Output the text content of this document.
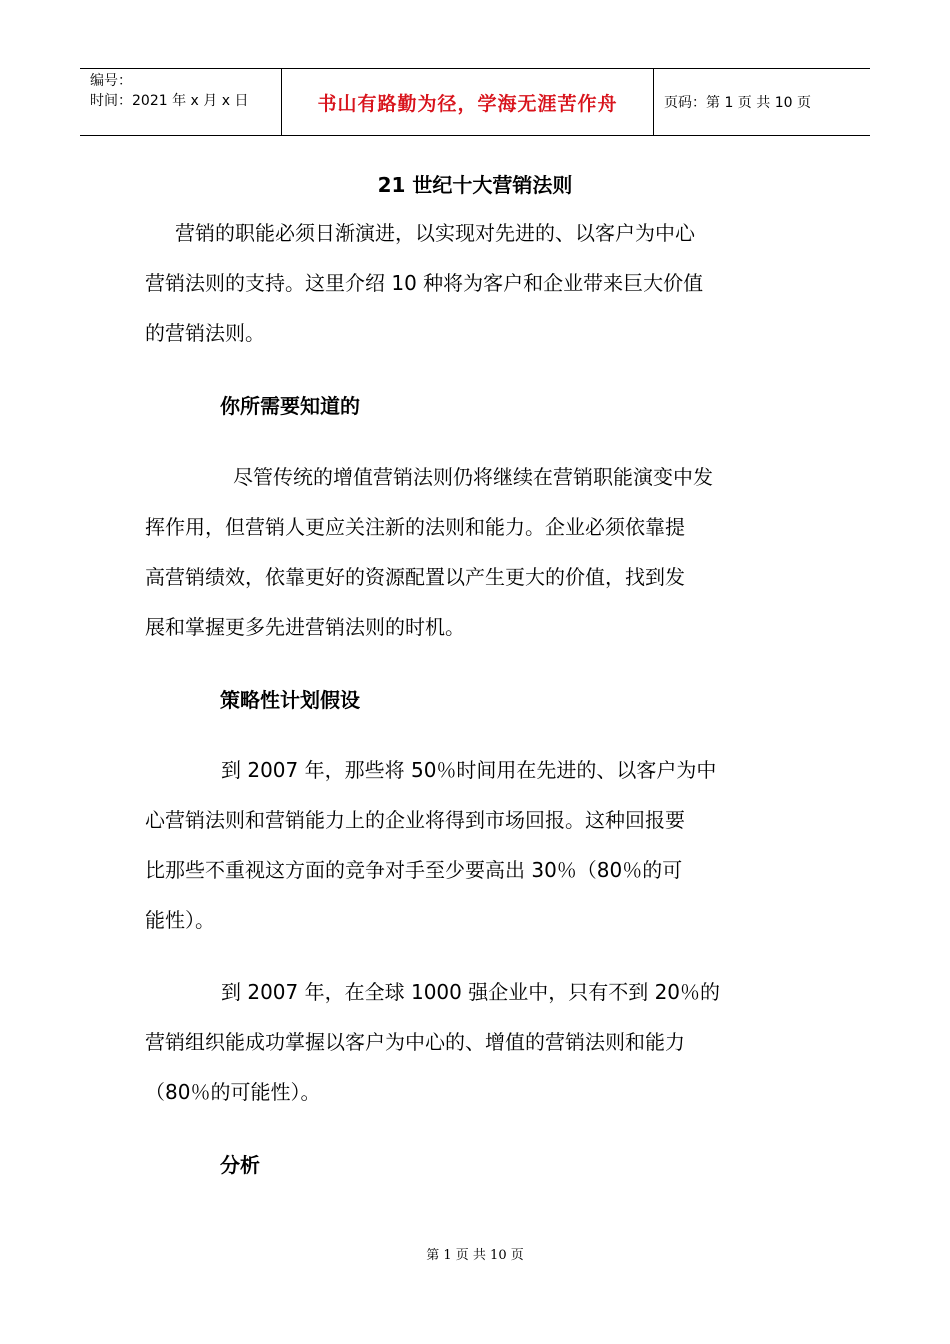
编号：
时间：2021 年 x 月 x 日	书山有路勤为径，学海无涯苦作舟	页码：第 1 页 共 10 页
21 世纪十大营销法则

营销的职能必须日渐演进，以实现对先进的、以客户为中心

营销法则的支持。这里介绍 10 种将为客户和企业带来巨大价值

的营销法则。

你所需要知道的

尽管传统的增值营销法则仍将继续在营销职能演变中发

挥作用，但营销人更应关注新的法则和能力。企业必须依靠提

高营销绩效，依靠更好的资源配置以产生更大的价值，找到发

展和掌握更多先进营销法则的时机。

策略性计划假设

到 2007 年，那些将 50％时间用在先进的、以客户为中

心营销法则和营销能力上的企业将得到市场回报。这种回报要

比那些不重视这方面的竞争对手至少要高出 30％（80％的可

能性）。

到 2007 年，在全球 1000 强企业中，只有不到 20％的

营销组织能成功掌握以客户为中心的、增值的营销法则和能力

（80％的可能性）。

分析
第 1 页 共 10 页
